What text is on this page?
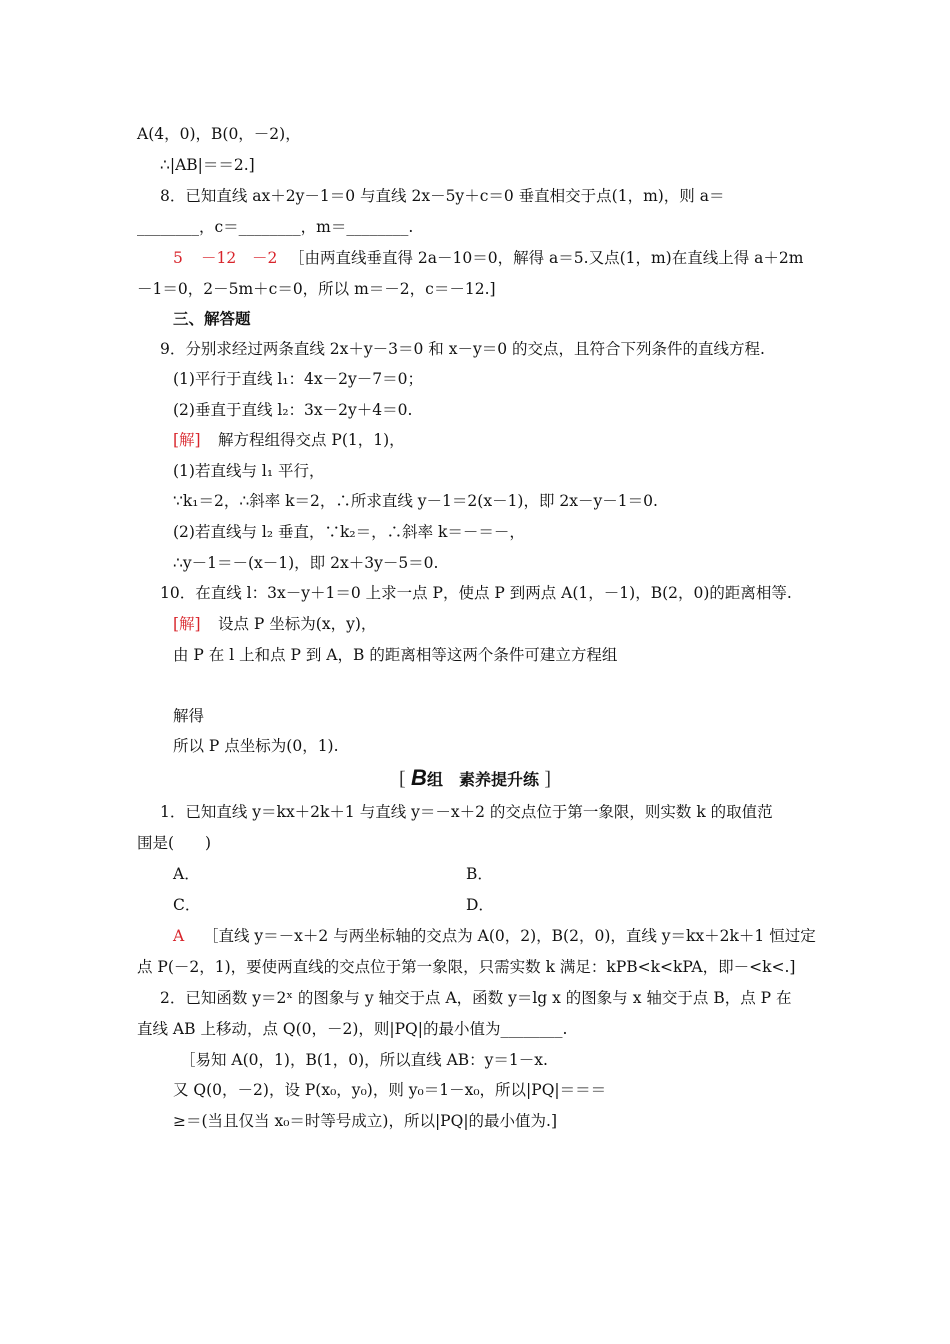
A(4，0)，B(0，－2)，
∴|AB|＝＝2.]
8．已知直线 ax＋2y－1＝0 与直线 2x－5y＋c＝0 垂直相交于点(1，m)，则 a＝
________，c＝________，m＝________.
［由两直线垂直得 2a－10＝0，解得 a＝5.又点(1，m)在直线上得 a＋2m
－1＝0，2－5m＋c＝0，所以 m＝－2，c＝－12.]
三、解答题
9．分别求经过两条直线 2x＋y－3＝0 和 x－y＝0 的交点，且符合下列条件的直线方程.
(1)平行于直线 l₁：4x－2y－7＝0；
(2)垂直于直线 l₂：3x－2y＋4＝0.
解方程组得交点 P(1，1)，
(1)若直线与 l₁ 平行，
∵k₁＝2，∴斜率 k＝2，∴所求直线 y－1＝2(x－1)，即 2x－y－1＝0.
(2)若直线与 l₂ 垂直，∵k₂＝，∴斜率 k＝－＝－，
∴y－1＝－(x－1)，即 2x＋3y－5＝0.
10．在直线 l：3x－y＋1＝0 上求一点 P，使点 P 到两点 A(1，－1)，B(2，0)的距离相等.
设点 P 坐标为(x，y)，
由 P 在 l 上和点 P 到 A，B 的距离相等这两个条件可建立方程组
解得
所以 P 点坐标为(0，1).
1．已知直线 y＝kx＋2k＋1 与直线 y＝－x＋2 的交点位于第一象限，则实数 k 的取值范
围是(　　)
A．	B．
C．	D．
［直线 y＝－x＋2 与两坐标轴的交点为 A(0，2)，B(2，0)，直线 y＝kx＋2k＋1 恒过定
点 P(－2，1)，要使两直线的交点位于第一象限，只需实数 k 满足：kPB<k<kPA，即－<k<.]
2．已知函数 y＝2ˣ 的图象与 y 轴交于点 A，函数 y＝lg x 的图象与 x 轴交于点 B，点 P 在
直线 AB 上移动，点 Q(0，－2)，则|PQ|的最小值为________.
［易知 A(0，1)，B(1，0)，所以直线 AB：y＝1－x.
又 Q(0，－2)，设 P(x₀，y₀)，则 y₀＝1－x₀，所以|PQ|＝＝＝
≥＝(当且仅当 x₀＝时等号成立)，所以|PQ|的最小值为.]
5 －12 －2
[解]
[解]
A
[ B组　素养提升练 ]
